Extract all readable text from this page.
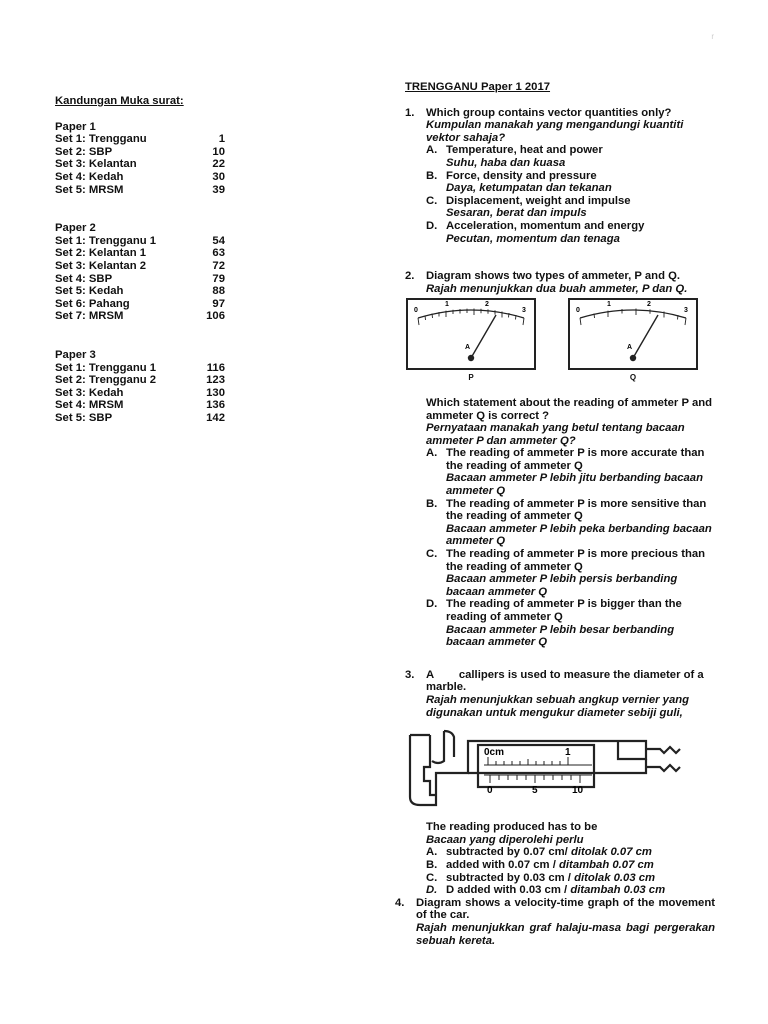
Kandungan Muka surat:
Paper 1
Set 1: Trengganu	1
Set 2: SBP	10
Set 3: Kelantan	22
Set 4: Kedah	30
Set 5: MRSM	39
Paper 2
Set 1: Trengganu 1	54
Set 2: Kelantan 1	63
Set 3: Kelantan 2	72
Set 4: SBP	79
Set 5: Kedah	88
Set 6: Pahang	97
Set 7: MRSM	106
Paper 3
Set 1: Trengganu 1	116
Set 2: Trengganu 2	123
Set 3: Kedah	130
Set 4: MRSM	136
Set 5: SBP	142
r
TRENGGANU Paper 1 2017
1. Which group contains vector quantities only?
Kumpulan manakah yang mengandungi kuantiti vektor sahaja?
A. Temperature, heat and power
Suhu, haba dan kuasa
B. Force, density and pressure
Daya, ketumpatan dan tekanan
C. Displacement, weight and impulse
Sesaran, berat dan impuls
D. Acceleration, momentum and energy
Pecutan, momentum dan tenaga
2. Diagram shows two types of ammeter, P and Q.
Rajah menunjukkan dua buah ammeter, P dan Q.
0
1	2
3
A
0
1	2
3
A
P	Q
Which statement about the reading of ammeter P and ammeter Q is correct ?
Pernyataan manakah yang betul tentang bacaan ammeter P dan ammeter Q?
A. The reading of ammeter P is more accurate than the reading of ammeter Q
Bacaan ammeter P lebih jitu berbanding bacaan ammeter Q
B. The reading of ammeter P is more sensitive than the reading of ammeter Q
Bacaan ammeter P lebih peka berbanding bacaan ammeter Q
C. The reading of ammeter P is more precious than the reading of ammeter Q
Bacaan ammeter P lebih persis berbanding bacaan ammeter Q
D. The reading of ammeter P is bigger than the reading of ammeter Q
Bacaan ammeter P lebih besar berbanding bacaan ammeter Q
3. A        callipers is used to measure the diameter of a marble.
Rajah menunjukkan sebuah angkup vernier yang digunakan untuk mengukur diameter sebiji guli,
0cm	1
0	5	10
The reading produced has to be
Bacaan yang diperolehi perlu
A. subtracted by 0.07 cm/ ditolak 0.07 cm
B. added with 0.07 cm / ditambah 0.07 cm
C. subtracted by 0.03 cm / ditolak 0.03 cm
D. D added with 0.03 cm / ditambah 0.03 cm
4. Diagram shows a velocity-time graph of the movement of the car.
Rajah menunjukkan graf halaju-masa bagi pergerakan sebuah kereta.
